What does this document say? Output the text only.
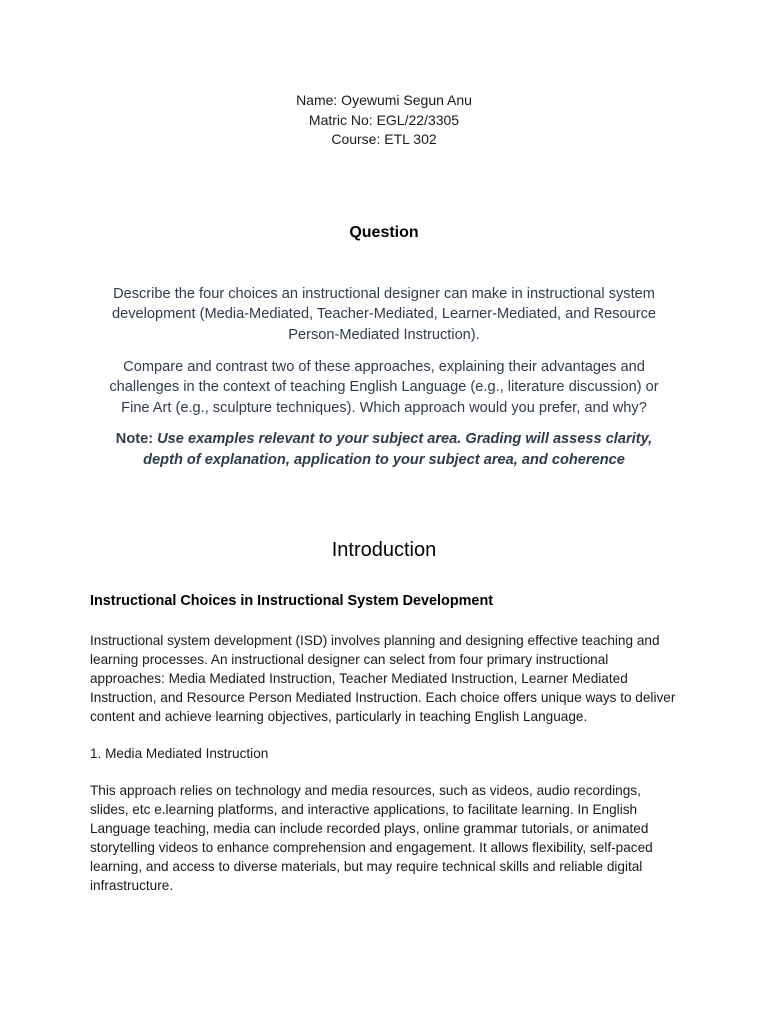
Name: Oyewumi Segun Anu
Matric No: EGL/22/3305
Course: ETL 302
Question

Describe the four choices an instructional designer can make in instructional system development (Media-Mediated, Teacher-Mediated, Learner-Mediated, and Resource Person-Mediated Instruction).

Compare and contrast two of these approaches, explaining their advantages and challenges in the context of teaching English Language (e.g., literature discussion) or Fine Art (e.g., sculpture techniques). Which approach would you prefer, and why?

Note: Use examples relevant to your subject area. Grading will assess clarity, depth of explanation, application to your subject area, and coherence

Introduction
Instructional Choices in Instructional System Development

Instructional system development (ISD) involves planning and designing effective teaching and learning processes. An instructional designer can select from four primary instructional approaches: Media Mediated Instruction, Teacher Mediated Instruction, Learner Mediated Instruction, and Resource Person Mediated Instruction. Each choice offers unique ways to deliver content and achieve learning objectives, particularly in teaching English Language.

1. Media Mediated Instruction

This approach relies on technology and media resources, such as videos, audio recordings, slides, etc e.learning platforms, and interactive applications, to facilitate learning. In English Language teaching, media can include recorded plays, online grammar tutorials, or animated storytelling videos to enhance comprehension and engagement. It allows flexibility, self-paced learning, and access to diverse materials, but may require technical skills and reliable digital infrastructure.
